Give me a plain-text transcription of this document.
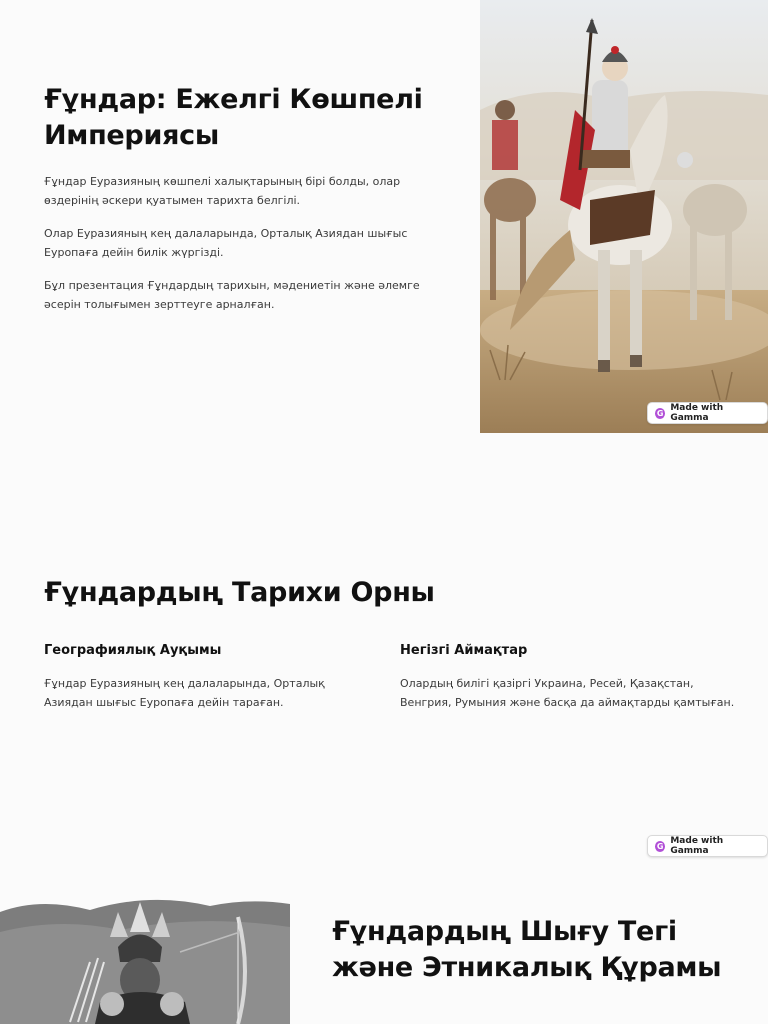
Ғұндар: Ежелгі Көшпелі Империясы

Ғұндар Еуразияның көшпелі халықтарының бірі болды, олар өздерінің әскери қуатымен тарихта белгілі.

Олар Еуразияның кең далаларында, Орталық Азиядан шығыс Еуропаға дейін билік жүргізді.

Бұл презентация Ғұндардың тарихын, мәдениетін және әлемге әсерін толығымен зерттеуге арналған.

G Made with Gamma
Ғұндардың Тарихи Орны
Географиялық Ауқымы

Ғұндар Еуразияның кең далаларында, Орталық Азиядан шығыс Еуропаға дейін тараған.

Негізгі Аймақтар

Олардың билігі қазіргі Украина, Ресей, Қазақстан, Венгрия, Румыния және басқа да аймақтарды қамтыған.

G Made with Gamma
Ғұндардың Шығу Тегі және Этникалық Құрамы
